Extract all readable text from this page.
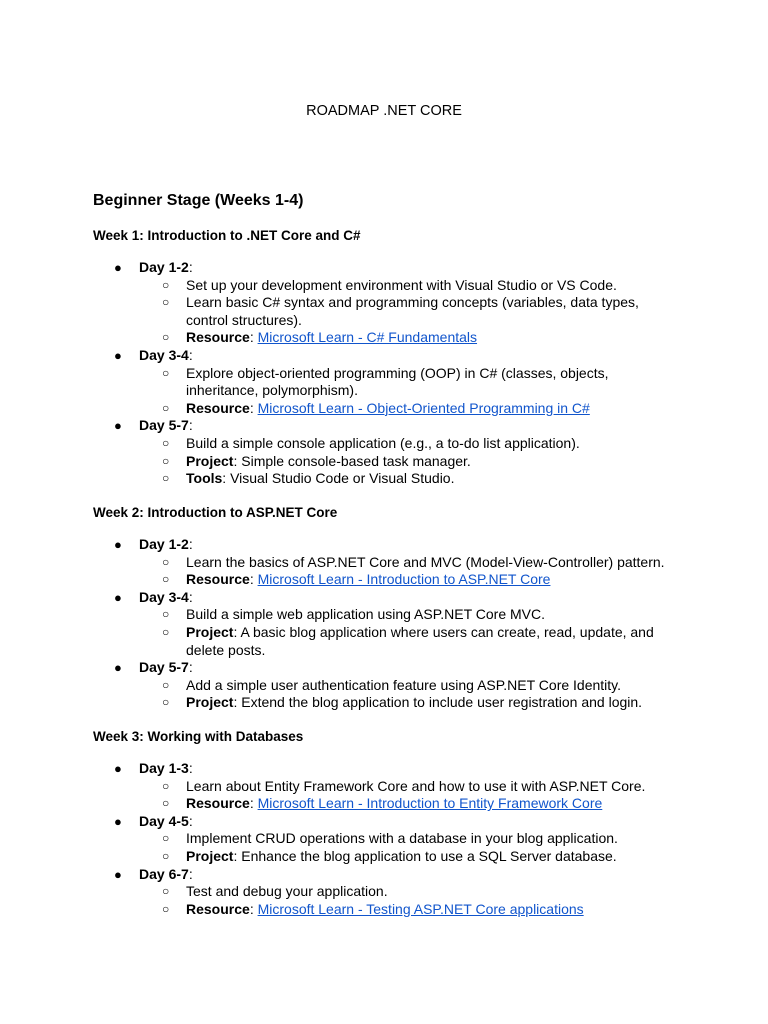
ROADMAP .NET CORE
Beginner Stage (Weeks 1-4)
Week 1: Introduction to .NET Core and C#
● Day 1-2:
○ Set up your development environment with Visual Studio or VS Code.
○ Learn basic C# syntax and programming concepts (variables, data types, control structures).
○ Resource: Microsoft Learn - C# Fundamentals
● Day 3-4:
○ Explore object-oriented programming (OOP) in C# (classes, objects, inheritance, polymorphism).
○ Resource: Microsoft Learn - Object-Oriented Programming in C#
● Day 5-7:
○ Build a simple console application (e.g., a to-do list application).
○ Project: Simple console-based task manager.
○ Tools: Visual Studio Code or Visual Studio.
Week 2: Introduction to ASP.NET Core
● Day 1-2:
○ Learn the basics of ASP.NET Core and MVC (Model-View-Controller) pattern.
○ Resource: Microsoft Learn - Introduction to ASP.NET Core
● Day 3-4:
○ Build a simple web application using ASP.NET Core MVC.
○ Project: A basic blog application where users can create, read, update, and delete posts.
● Day 5-7:
○ Add a simple user authentication feature using ASP.NET Core Identity.
○ Project: Extend the blog application to include user registration and login.
Week 3: Working with Databases
● Day 1-3:
○ Learn about Entity Framework Core and how to use it with ASP.NET Core.
○ Resource: Microsoft Learn - Introduction to Entity Framework Core
● Day 4-5:
○ Implement CRUD operations with a database in your blog application.
○ Project: Enhance the blog application to use a SQL Server database.
● Day 6-7:
○ Test and debug your application.
○ Resource: Microsoft Learn - Testing ASP.NET Core applications
